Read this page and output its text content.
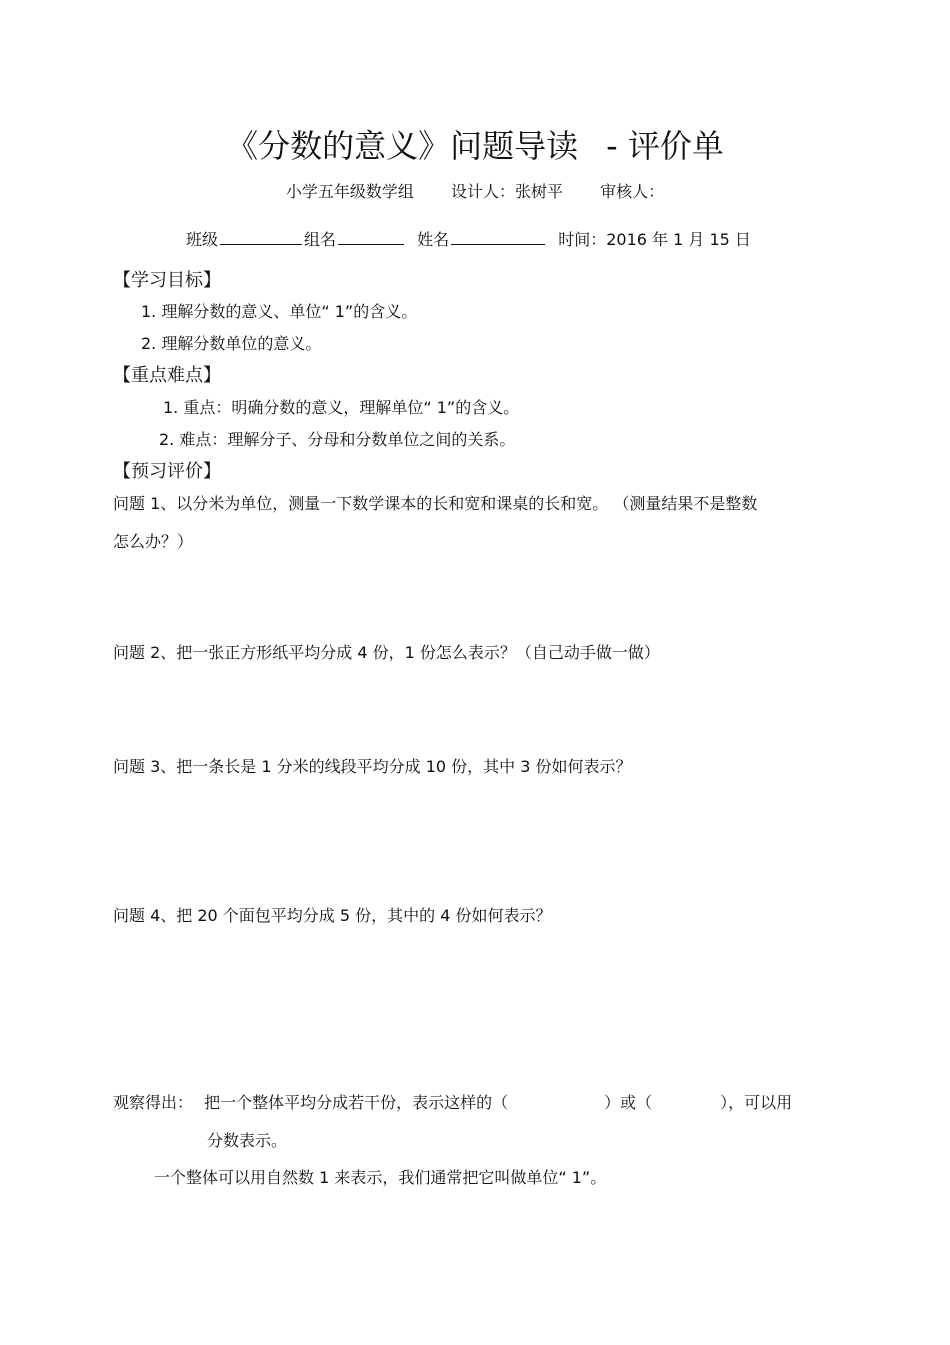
《分数的意义》问题导读 - 评价单
小学五年级数学组 设计人：张树平 审核人：
班级	组名	姓名	时间：2016 年 1 月 15 日
【学习目标】
1. 理解分数的意义、单位“ 1”的含义。
2. 理解分数单位的意义。
【重点难点】
1. 重点：明确分数的意义，理解单位“ 1”的含义。
2. 难点：理解分子、分母和分数单位之间的关系。
【预习评价】
问题 1、以分米为单位，测量一下数学课本的长和宽和课桌的长和宽。 （测量结果不是整数
怎么办？）
问题 2、把一张正方形纸平均分成 4 份，1 份怎么表示？（自己动手做一做）
问题 3、把一条长是 1 分米的线段平均分成 10 份，其中 3 份如何表示？
问题 4、把 20 个面包平均分成 5 份，其中的 4 份如何表示？
观察得出： 把一个整体平均分成若干份，表示这样的（	）或（	），可以用
分数表示。
一个整体可以用自然数 1 来表示，我们通常把它叫做单位“ 1”。
